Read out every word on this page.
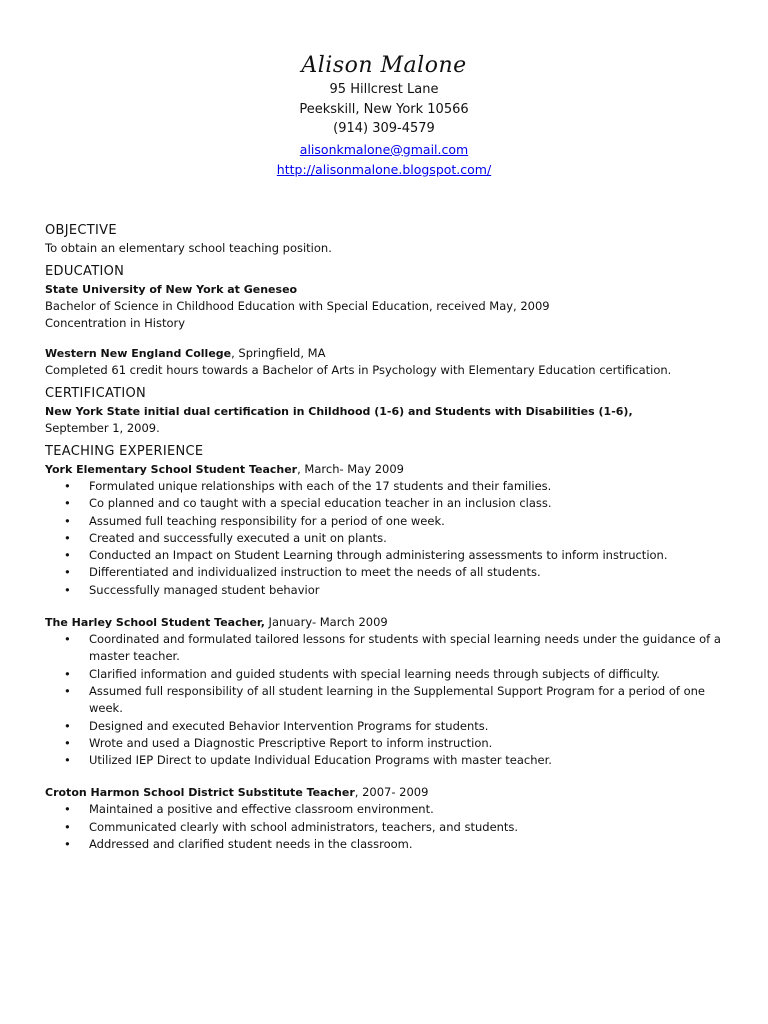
Alison Malone
95 Hillcrest Lane
Peekskill, New York 10566
(914) 309-4579
alisonkmalone@gmail.com
http://alisonmalone.blogspot.com/
OBJECTIVE
To obtain an elementary school teaching position.
EDUCATION
State University of New York at Geneseo
Bachelor of Science in Childhood Education with Special Education, received May, 2009
Concentration in History
Western New England College, Springfield, MA
Completed 61 credit hours towards a Bachelor of Arts in Psychology with Elementary Education certification.
CERTIFICATION
New York State initial dual certification in Childhood (1-6) and Students with Disabilities (1-6),
September 1, 2009.
TEACHING EXPERIENCE
York Elementary School Student Teacher, March- May 2009
• Formulated unique relationships with each of the 17 students and their families.
• Co planned and co taught with a special education teacher in an inclusion class.
• Assumed full teaching responsibility for a period of one week.
• Created and successfully executed a unit on plants.
• Conducted an Impact on Student Learning through administering assessments to inform instruction.
• Differentiated and individualized instruction to meet the needs of all students.
• Successfully managed student behavior
The Harley School Student Teacher, January- March 2009
• Coordinated and formulated tailored lessons for students with special learning needs under the guidance of a master teacher.
• Clarified information and guided students with special learning needs through subjects of difficulty.
• Assumed full responsibility of all student learning in the Supplemental Support Program for a period of one week.
• Designed and executed Behavior Intervention Programs for students.
• Wrote and used a Diagnostic Prescriptive Report to inform instruction.
• Utilized IEP Direct to update Individual Education Programs with master teacher.
Croton Harmon School District Substitute Teacher, 2007- 2009
• Maintained a positive and effective classroom environment.
• Communicated clearly with school administrators, teachers, and students.
• Addressed and clarified student needs in the classroom.
